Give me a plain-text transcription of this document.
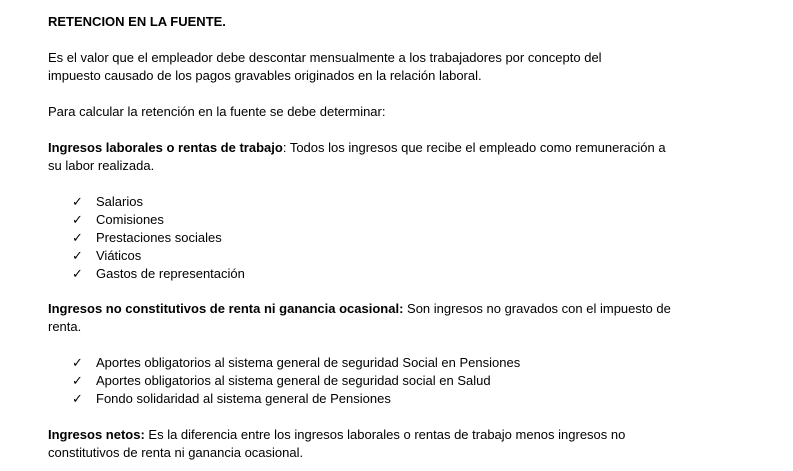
RETENCION EN LA FUENTE.
Es el valor que el empleador debe descontar mensualmente a los trabajadores por concepto del
impuesto causado de los pagos gravables originados en la relación laboral.
Para calcular la retención en la fuente se debe determinar:
Ingresos laborales o rentas de trabajo: Todos los ingresos que recibe el empleado como remuneración a
su labor realizada.
✓ Salarios
✓ Comisiones
✓ Prestaciones sociales
✓ Viáticos
✓ Gastos de representación
Ingresos no constitutivos de renta ni ganancia ocasional: Son ingresos no gravados con el impuesto de
renta.
✓ Aportes obligatorios al sistema general de seguridad Social en Pensiones
✓ Aportes obligatorios al sistema general de seguridad social en Salud
✓ Fondo solidaridad al sistema general de Pensiones
Ingresos netos: Es la diferencia entre los ingresos laborales o rentas de trabajo menos ingresos no
constitutivos de renta ni ganancia ocasional.
